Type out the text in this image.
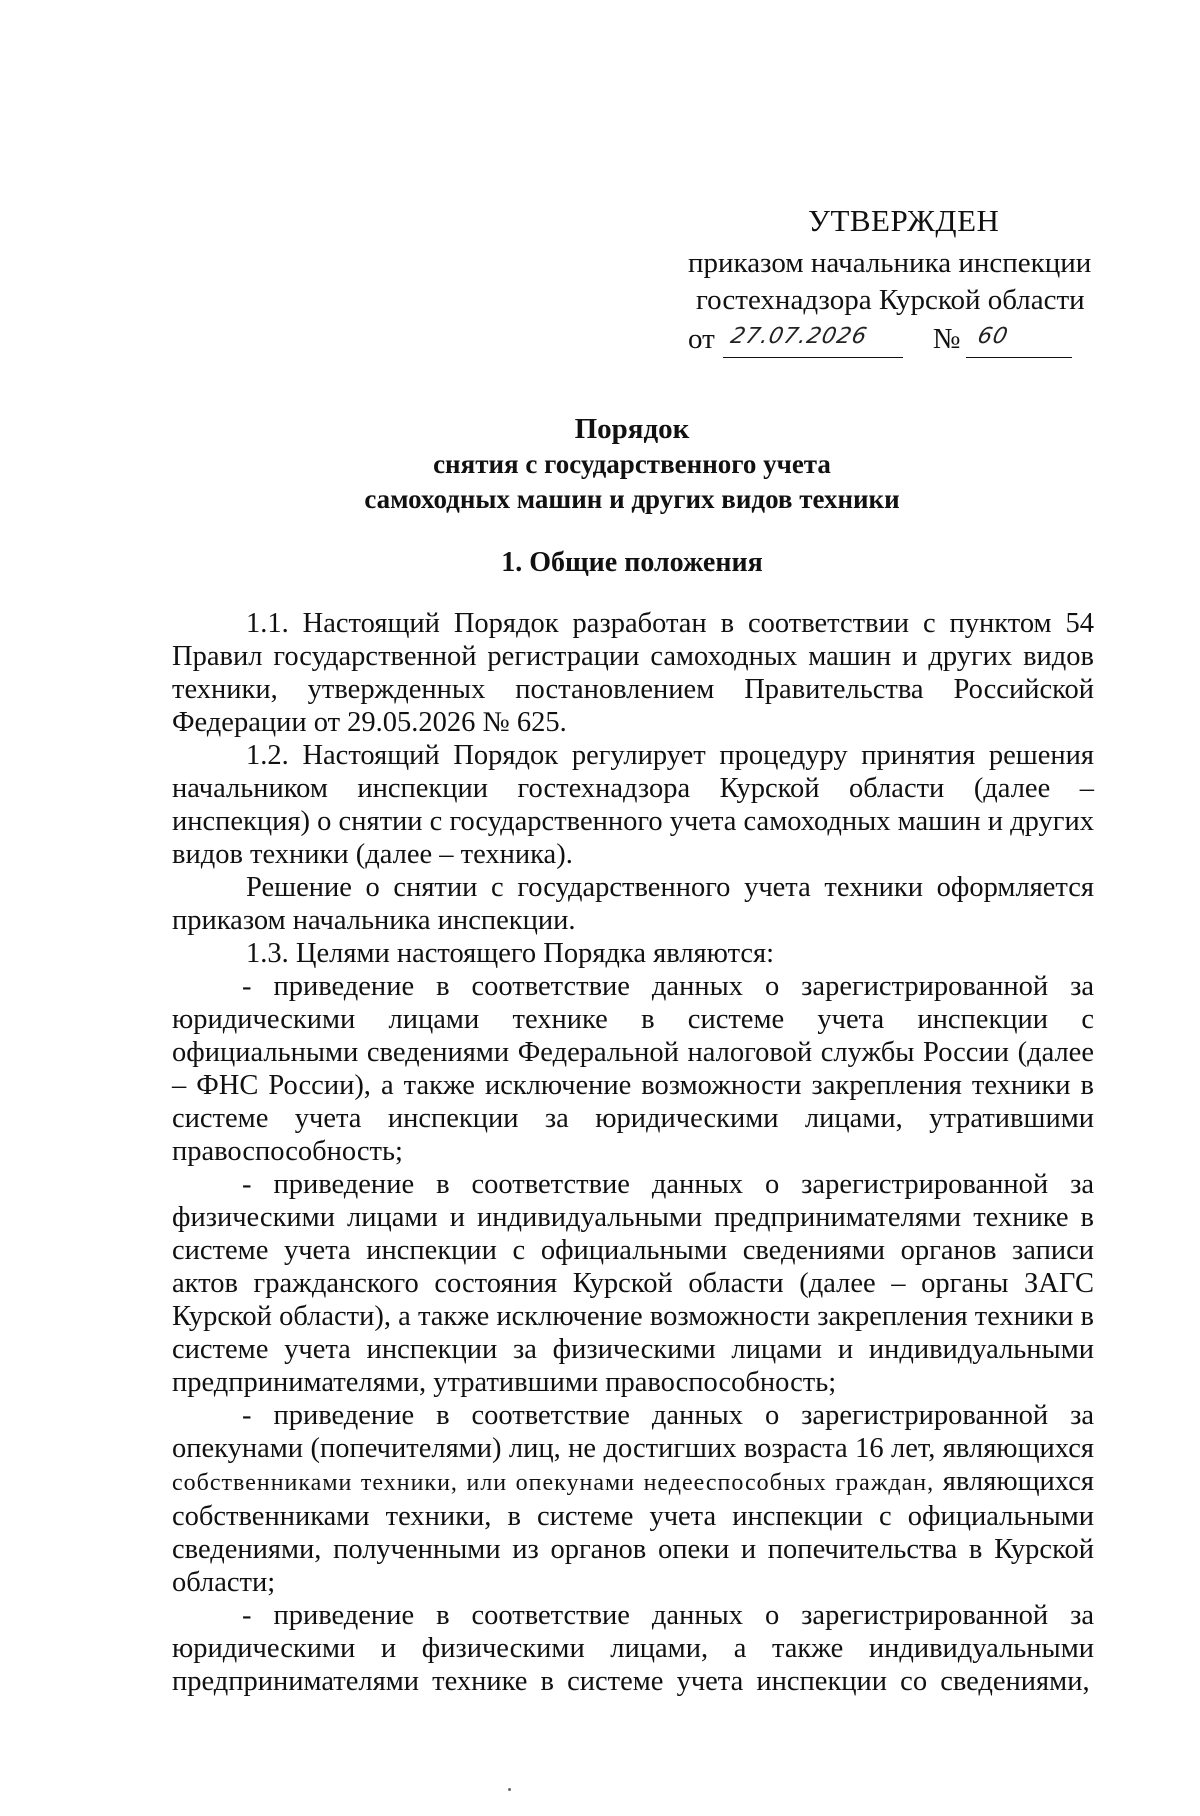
УТВЕРЖДЕН
приказом начальника инспекции
гостехнадзора Курской области
от 27.07.2026 № 60
Порядок
снятия с государственного учета
самоходных машин и других видов техники
1. Общие положения

1.1. Настоящий Порядок разработан в соответствии с пунктом 54 Правил государственной регистрации самоходных машин и других видов техники, утвержденных постановлением Правительства Российской Федерации от 29.05.2026 № 625.

1.2. Настоящий Порядок регулирует процедуру принятия решения начальником инспекции гостехнадзора Курской области (далее – инспекция) о снятии с государственного учета самоходных машин и других видов техники (далее – техника).

Решение о снятии с государственного учета техники оформляется приказом начальника инспекции.

1.3. Целями настоящего Порядка являются:

- приведение в соответствие данных о зарегистрированной за юридическими лицами технике в системе учета инспекции с официальными сведениями Федеральной налоговой службы России (далее – ФНС России), а также исключение возможности закрепления техники в системе учета инспекции за юридическими лицами, утратившими правоспособность;

- приведение в соответствие данных о зарегистрированной за физическими лицами и индивидуальными предпринимателями технике в системе учета инспекции с официальными сведениями органов записи актов гражданского состояния Курской области (далее – органы ЗАГС Курской области), а также исключение возможности закрепления техники в системе учета инспекции за физическими лицами и индивидуальными предпринимателями, утратившими правоспособность;

- приведение в соответствие данных о зарегистрированной за опекунами (попечителями) лиц, не достигших возраста 16 лет, являющихся собственниками техники, или опекунами недееспособных граждан, являющихся собственниками техники, в системе учета инспекции с официальными сведениями, полученными из органов опеки и попечительства в Курской области;

- приведение в соответствие данных о зарегистрированной за юридическими и физическими лицами, а также индивидуальными предпринимателями технике в системе учета инспекции со сведениями,
